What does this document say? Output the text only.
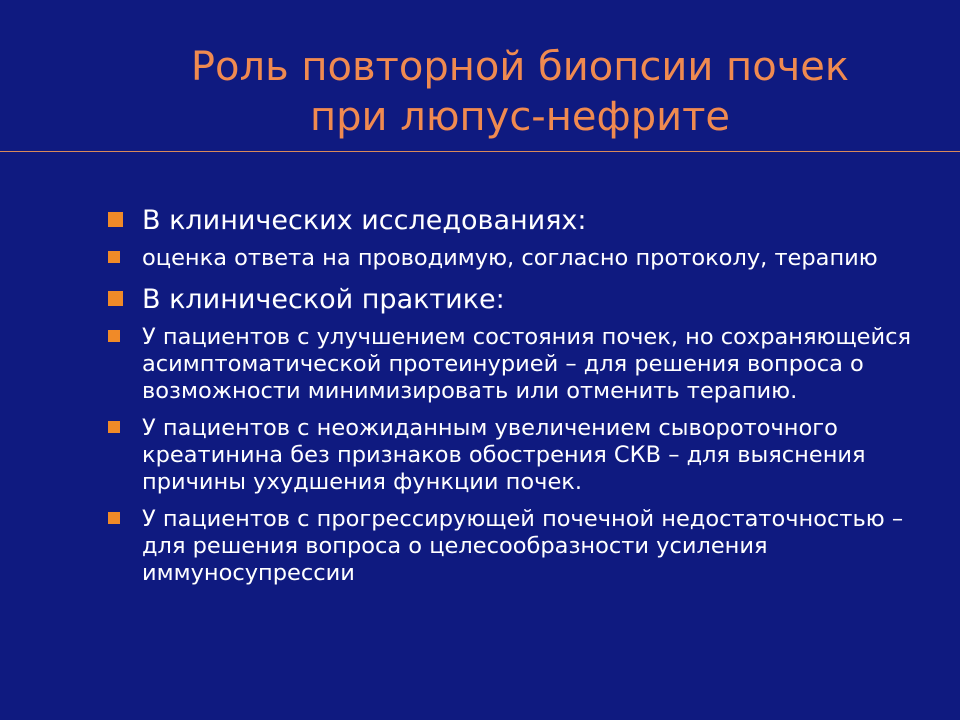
Роль повторной биопсии почек
при люпус-нефрите
В клинических исследованиях:
оценка ответа на проводимую, согласно протоколу, терапию
В клинической практике:
У пациентов с улучшением состояния почек, но сохраняющейся асимптоматической протеинурией – для решения вопроса о возможности минимизировать или отменить терапию.
У пациентов с неожиданным увеличением сывороточного креатинина без признаков обострения СКВ – для выяснения причины ухудшения функции почек.
У пациентов с прогрессирующей почечной недостаточностью – для решения вопроса о целесообразности усиления иммуносупрессии
